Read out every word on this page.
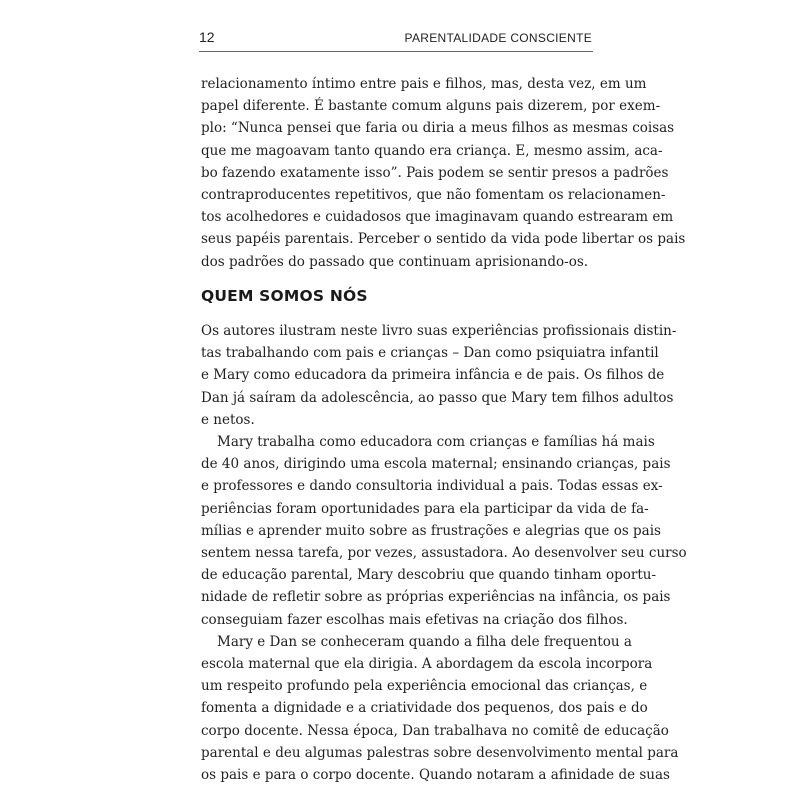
12	PARENTALIDADE CONSCIENTE
relacionamento íntimo entre pais e filhos, mas, desta vez, em um
papel diferente. É bastante comum alguns pais dizerem, por exem-
plo: “Nunca pensei que faria ou diria a meus filhos as mesmas coisas
que me magoavam tanto quando era criança. E, mesmo assim, aca-
bo fazendo exatamente isso”. Pais podem se sentir presos a padrões
contraproducentes repetitivos, que não fomentam os relacionamen-
tos acolhedores e cuidadosos que imaginavam quando estrearam em
seus papéis parentais. Perceber o sentido da vida pode libertar os pais
dos padrões do passado que continuam aprisionando-os.
QUEM SOMOS NÓS
Os autores ilustram neste livro suas experiências profissionais distin-
tas trabalhando com pais e crianças – Dan como psiquiatra infantil
e Mary como educadora da primeira infância e de pais. Os filhos de
Dan já saíram da adolescência, ao passo que Mary tem filhos adultos
e netos.
Mary trabalha como educadora com crianças e famílias há mais
de 40 anos, dirigindo uma escola maternal; ensinando crianças, pais
e professores e dando consultoria individual a pais. Todas essas ex-
periências foram oportunidades para ela participar da vida de fa-
mílias e aprender muito sobre as frustrações e alegrias que os pais
sentem nessa tarefa, por vezes, assustadora. Ao desenvolver seu curso
de educação parental, Mary descobriu que quando tinham oportu-
nidade de refletir sobre as próprias experiências na infância, os pais
conseguiam fazer escolhas mais efetivas na criação dos filhos.
Mary e Dan se conheceram quando a filha dele frequentou a
escola maternal que ela dirigia. A abordagem da escola incorpora
um respeito profundo pela experiência emocional das crianças, e
fomenta a dignidade e a criatividade dos pequenos, dos pais e do
corpo docente. Nessa época, Dan trabalhava no comitê de educação
parental e deu algumas palestras sobre desenvolvimento mental para
os pais e para o corpo docente. Quando notaram a afinidade de suas
